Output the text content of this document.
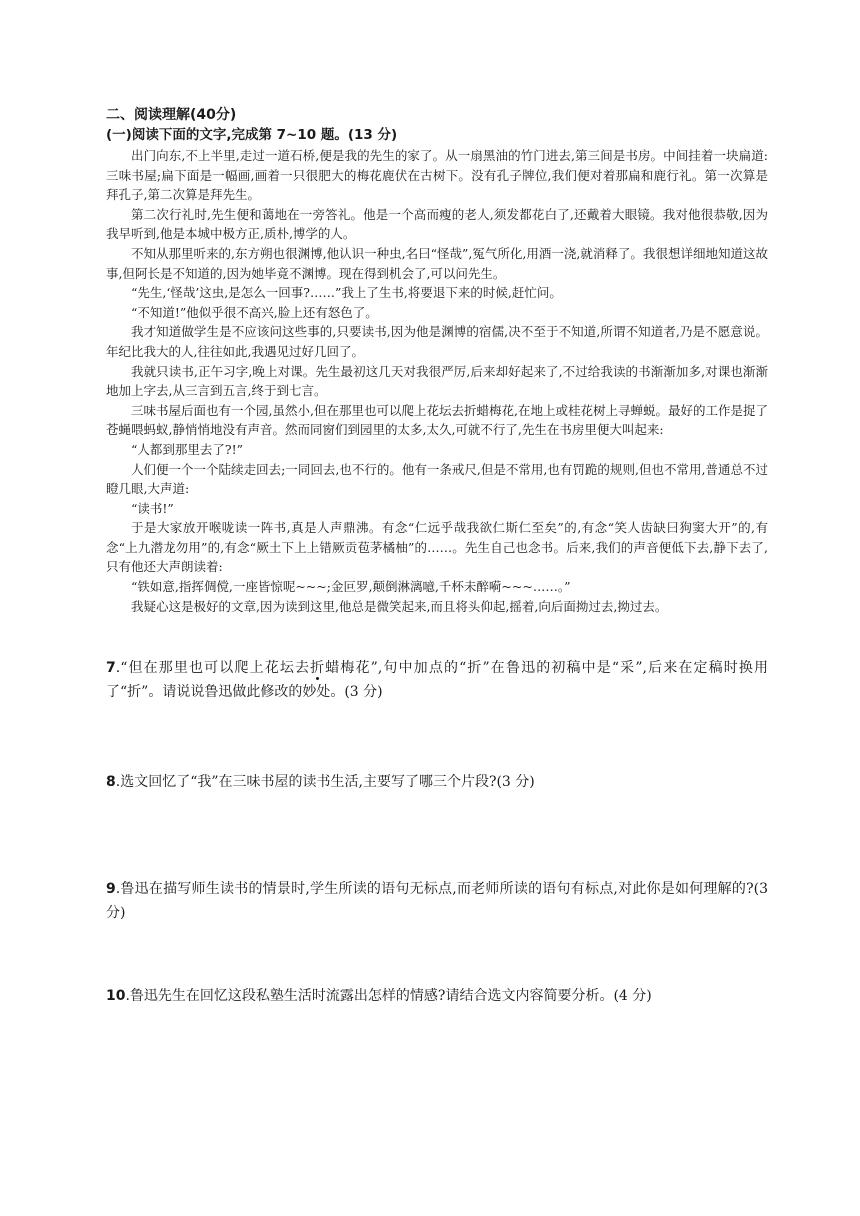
二、阅读理解(40分)
(一)阅读下面的文字,完成第 7~10 题。(13 分)

出门向东,不上半里,走过一道石桥,便是我的先生的家了。从一扇黑油的竹门进去,第三间是书房。中间挂着一块扁道:三味书屋;扁下面是一幅画,画着一只很肥大的梅花鹿伏在古树下。没有孔子牌位,我们便对着那扁和鹿行礼。第一次算是拜孔子,第二次算是拜先生。

第二次行礼时,先生便和蔼地在一旁答礼。他是一个高而瘦的老人,须发都花白了,还戴着大眼镜。我对他很恭敬,因为我早听到,他是本城中极方正,质朴,博学的人。

不知从那里听来的,东方朔也很渊博,他认识一种虫,名曰“怪哉”,冤气所化,用酒一浇,就消释了。我很想详细地知道这故事,但阿长是不知道的,因为她毕竟不渊博。现在得到机会了,可以问先生。

“先生,‘怪哉’这虫,是怎么一回事?……”我上了生书,将要退下来的时候,赶忙问。

“不知道!”他似乎很不高兴,脸上还有怒色了。

我才知道做学生是不应该问这些事的,只要读书,因为他是渊博的宿儒,决不至于不知道,所谓不知道者,乃是不愿意说。年纪比我大的人,往往如此,我遇见过好几回了。

我就只读书,正午习字,晚上对课。先生最初这几天对我很严厉,后来却好起来了,不过给我读的书渐渐加多,对课也渐渐地加上字去,从三言到五言,终于到七言。

三味书屋后面也有一个园,虽然小,但在那里也可以爬上花坛去折蜡梅花,在地上或桂花树上寻蝉蜕。最好的工作是捉了苍蝇喂蚂蚁,静悄悄地没有声音。然而同窗们到园里的太多,太久,可就不行了,先生在书房里便大叫起来:

“人都到那里去了?!”

人们便一个一个陆续走回去;一同回去,也不行的。他有一条戒尺,但是不常用,也有罚跪的规则,但也不常用,普通总不过瞪几眼,大声道:

“读书!”

于是大家放开喉咙读一阵书,真是人声鼎沸。有念“仁远乎哉我欲仁斯仁至矣”的,有念“笑人齿缺曰狗窦大开”的,有念“上九潜龙勿用”的,有念“厥土下上上错厥贡苞茅橘柚”的……。先生自己也念书。后来,我们的声音便低下去,静下去了,只有他还大声朗读着:

“铁如意,指挥倜傥,一座皆惊呢~~~;金叵罗,颠倒淋漓噫,千杯未醉嗬~~~……。”

我疑心这是极好的文章,因为读到这里,他总是微笑起来,而且将头仰起,摇着,向后面拗过去,拗过去。

7.“但在那里也可以爬上花坛去折蜡梅花”,句中加点的“折”在鲁迅的初稿中是“采”,后来在定稿时换用了“折”。请说说鲁迅做此修改的妙处。(3 分)
8.选文回忆了“我”在三味书屋的读书生活,主要写了哪三个片段?(3 分)
9.鲁迅在描写师生读书的情景时,学生所读的语句无标点,而老师所读的语句有标点,对此你是如何理解的?(3 分)
10.鲁迅先生在回忆这段私塾生活时流露出怎样的情感?请结合选文内容简要分析。(4 分)
